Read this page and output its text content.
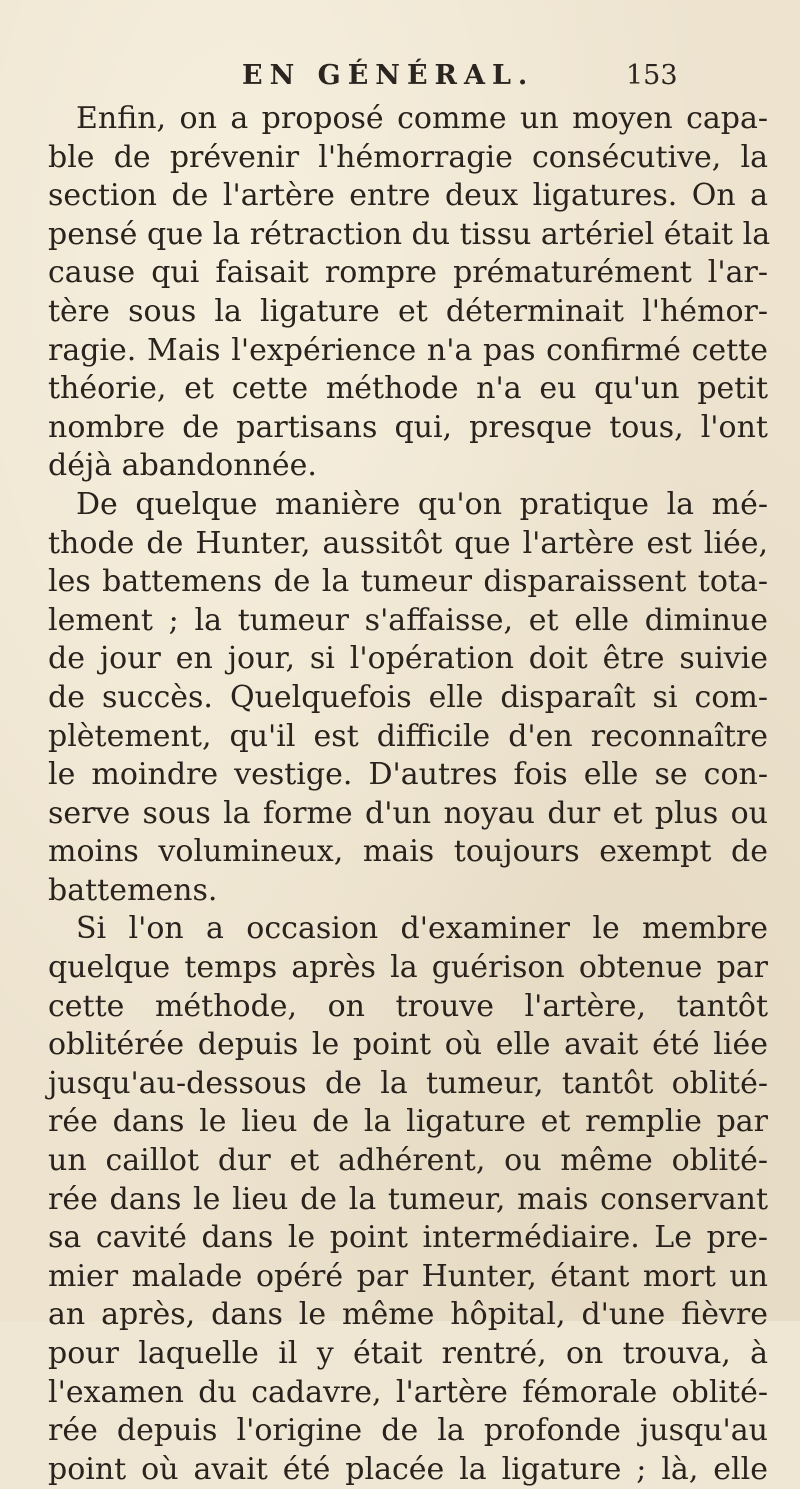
EN GÉNÉRAL.	153
Enfin, on a proposé comme un moyen capa-
ble de prévenir l'hémorragie consécutive, la
section de l'artère entre deux ligatures. On a
pensé que la rétraction du tissu artériel était la
cause qui faisait rompre prématurément l'ar-
tère sous la ligature et déterminait l'hémor-
ragie. Mais l'expérience n'a pas confirmé cette
théorie, et cette méthode n'a eu qu'un petit
nombre de partisans qui, presque tous, l'ont
déjà abandonnée.
De quelque manière qu'on pratique la mé-
thode de Hunter, aussitôt que l'artère est liée,
les battemens de la tumeur disparaissent tota-
lement ; la tumeur s'affaisse, et elle diminue
de jour en jour, si l'opération doit être suivie
de succès. Quelquefois elle disparaît si com-
plètement, qu'il est difficile d'en reconnaître
le moindre vestige. D'autres fois elle se con-
serve sous la forme d'un noyau dur et plus ou
moins volumineux, mais toujours exempt de
battemens.
Si l'on a occasion d'examiner le membre
quelque temps après la guérison obtenue par
cette méthode, on trouve l'artère, tantôt
oblitérée depuis le point où elle avait été liée
jusqu'au-dessous de la tumeur, tantôt oblité-
rée dans le lieu de la ligature et remplie par
un caillot dur et adhérent, ou même oblité-
rée dans le lieu de la tumeur, mais conservant
sa cavité dans le point intermédiaire. Le pre-
mier malade opéré par Hunter, étant mort un
an après, dans le même hôpital, d'une fièvre
pour laquelle il y était rentré, on trouva, à
l'examen du cadavre, l'artère fémorale oblité-
rée depuis l'origine de la profonde jusqu'au
point où avait été placée la ligature ; là, elle
